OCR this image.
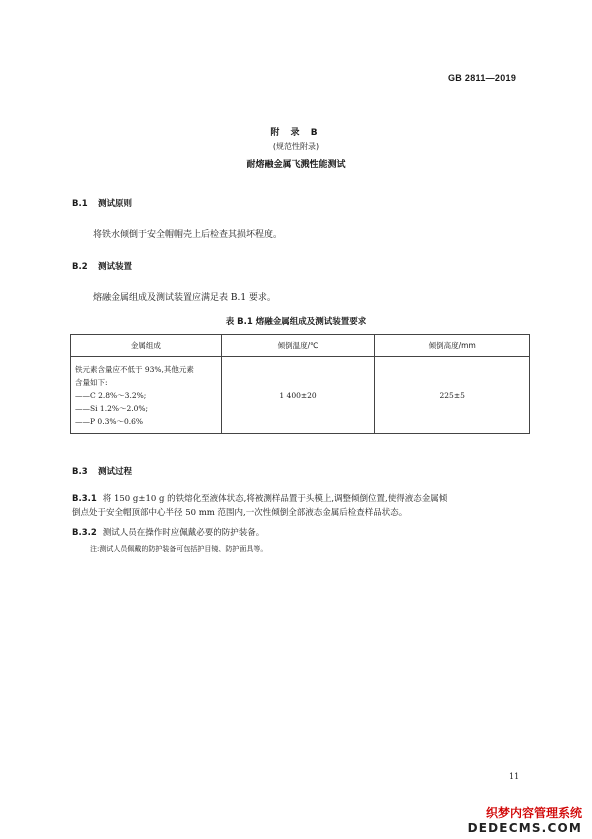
GB 2811—2019
附 录 B
(规范性附录)
耐熔融金属飞溅性能测试
B.1 测试原则
将铁水倾倒于安全帽帽壳上后检查其损坏程度。
B.2 测试装置
熔融金属组成及测试装置应满足表 B.1 要求。
表 B.1 熔融金属组成及测试装置要求
金属组成	倾倒温度/℃	倾倒高度/mm

铁元素含量应不低于 93%,其他元素
含量如下:
——C 2.8%～3.2%;
——Si 1.2%～2.0%;
——P 0.3%～0.6%	1 400±20	225±5
B.3 测试过程
B.3.1 将 150 g±10 g 的铁熔化至液体状态,将被测样品置于头模上,调整倾倒位置,使得液态金属倾
倒点处于安全帽顶部中心半径 50 mm 范围内,一次性倾倒全部液态金属后检查样品状态。
B.3.2 测试人员在操作时应佩戴必要的防护装备。
注:测试人员佩戴的防护装备可包括护目镜、防护面具等。
11
织梦内容管理系统
DEDECMS.COM
